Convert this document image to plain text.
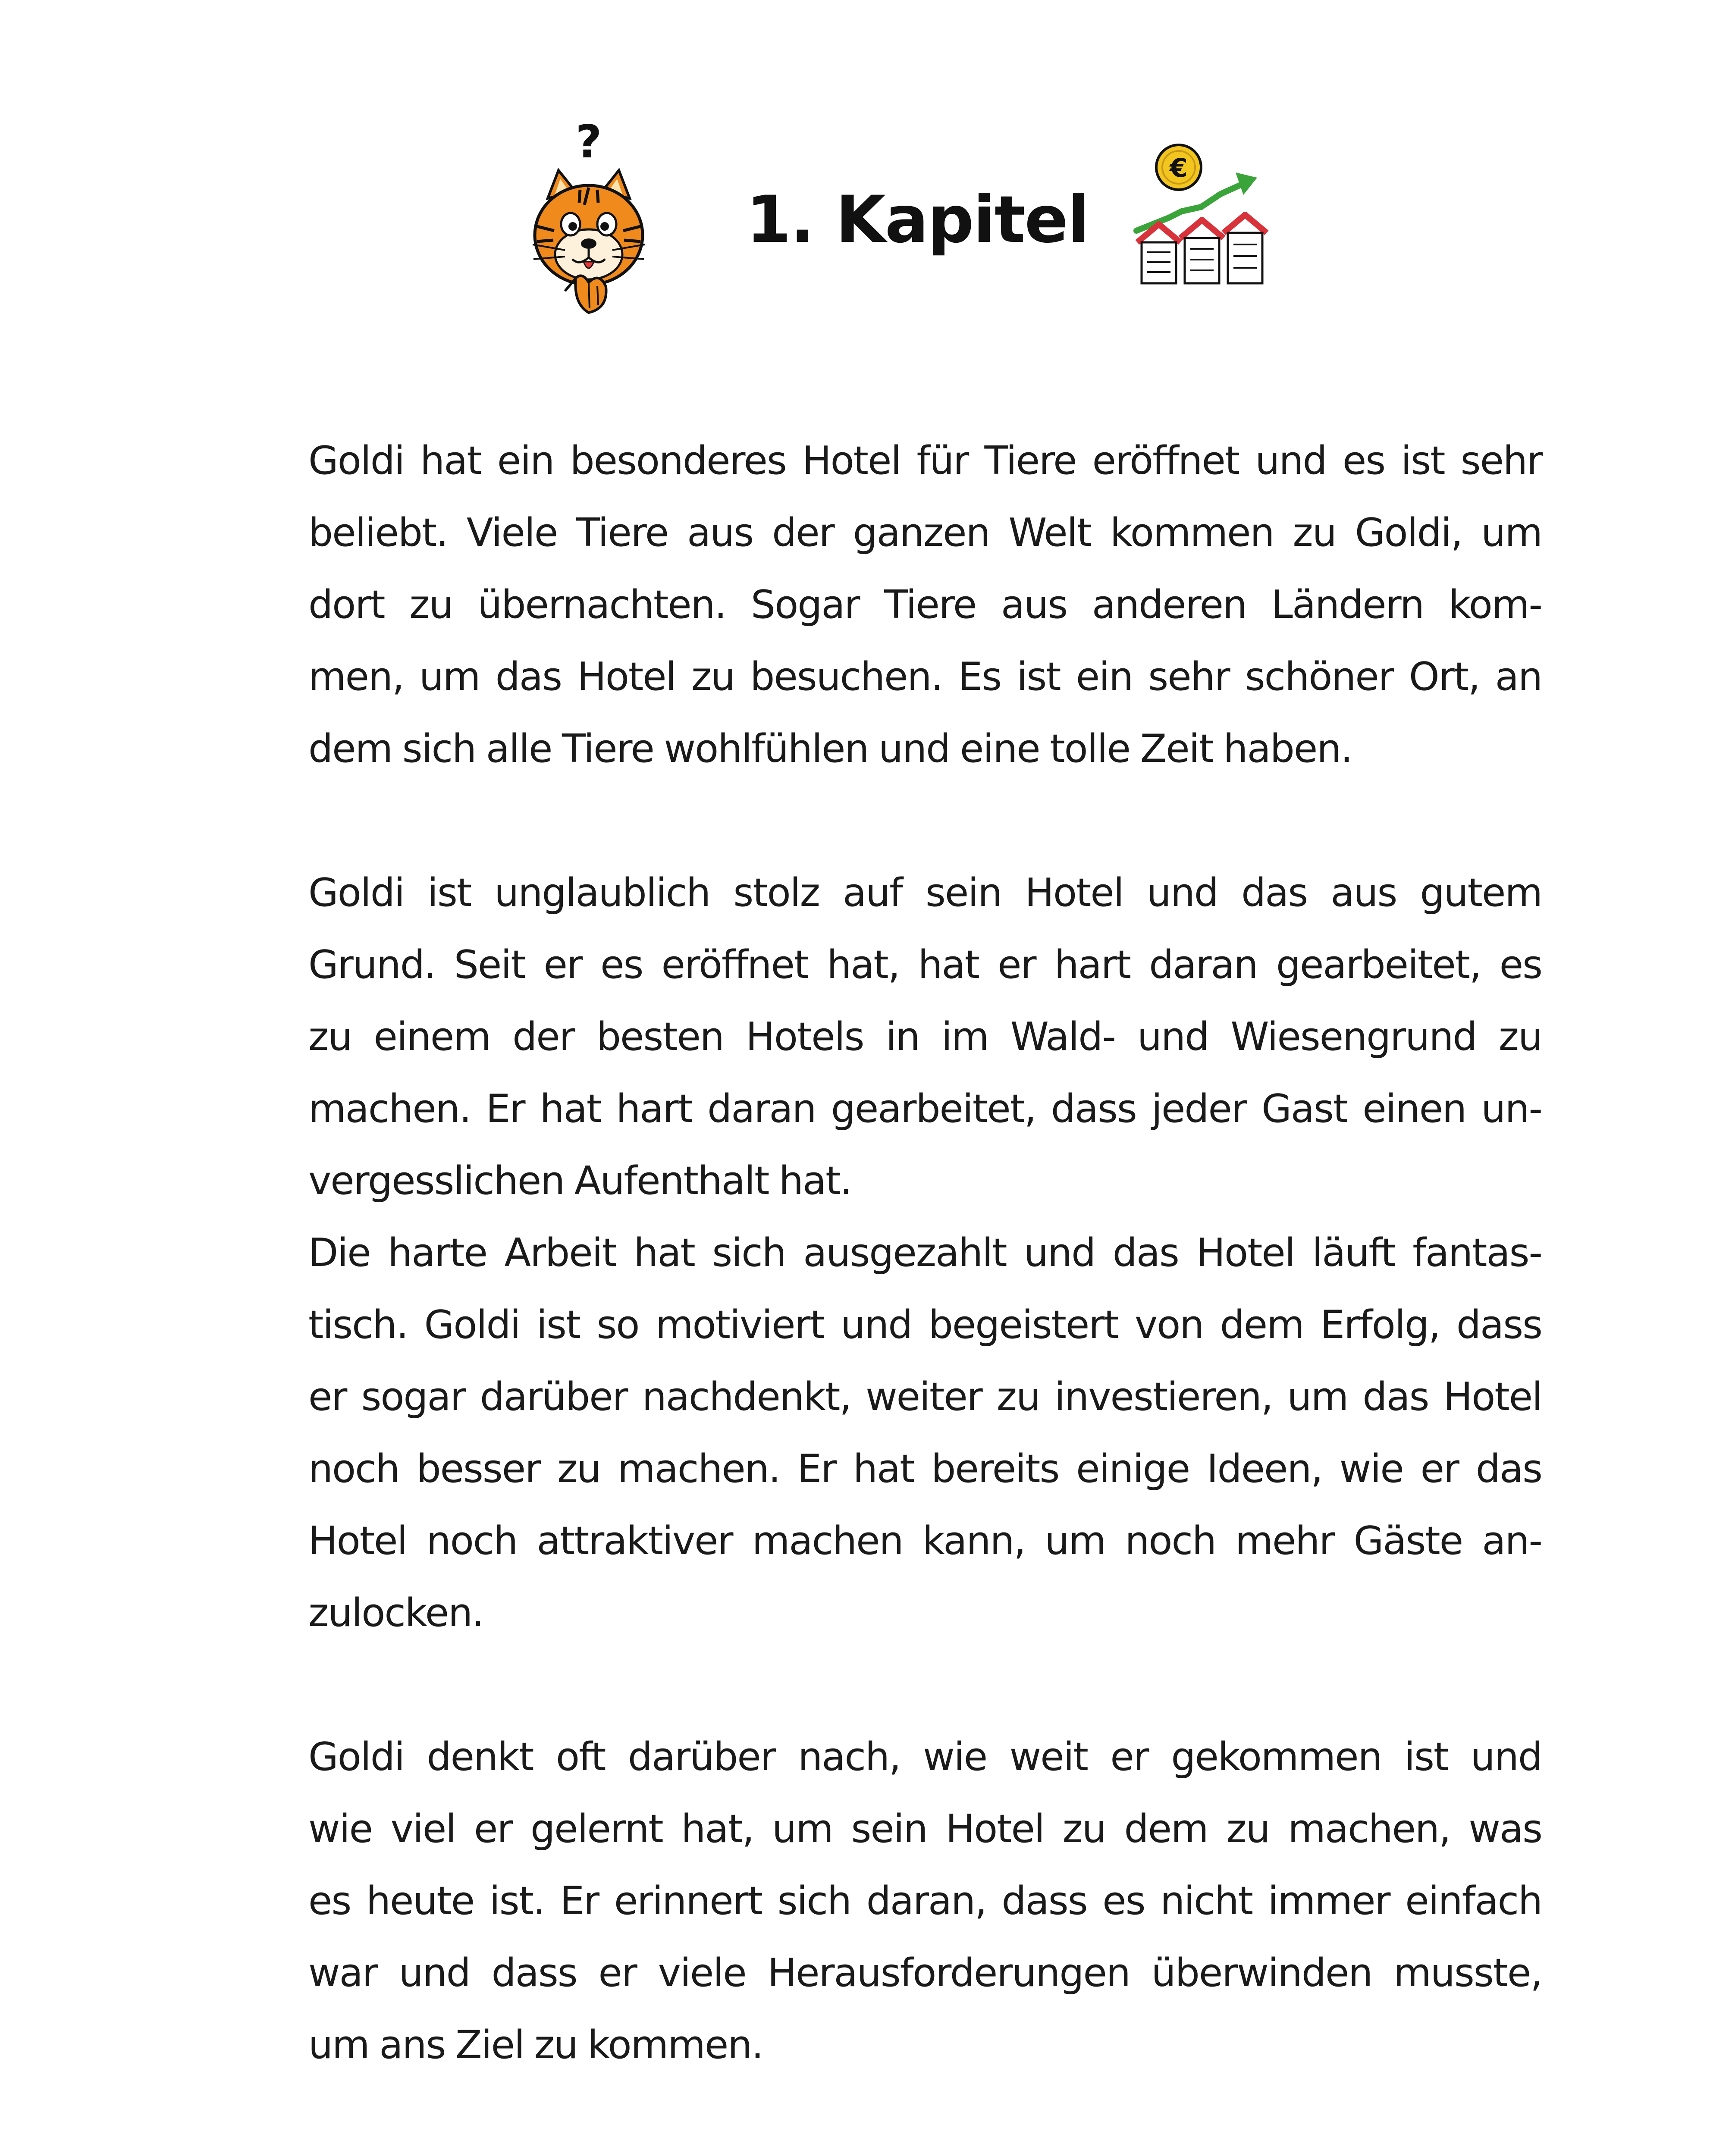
?
1. Kapitel
€
Goldi hat ein besonderes Hotel für Tiere eröffnet und es ist sehr
beliebt. Viele Tiere aus der ganzen Welt kommen zu Goldi, um
dort zu übernachten. Sogar Tiere aus anderen Ländern kom-
men, um das Hotel zu besuchen. Es ist ein sehr schöner Ort, an
dem sich alle Tiere wohlfühlen und eine tolle Zeit haben.
Goldi ist unglaublich stolz auf sein Hotel und das aus gutem
Grund. Seit er es eröffnet hat, hat er hart daran gearbeitet, es
zu einem der besten Hotels in im Wald- und Wiesengrund zu
machen. Er hat hart daran gearbeitet, dass jeder Gast einen un-
vergesslichen Aufenthalt hat.
Die harte Arbeit hat sich ausgezahlt und das Hotel läuft fantas-
tisch. Goldi ist so motiviert und begeistert von dem Erfolg, dass
er sogar darüber nachdenkt, weiter zu investieren, um das Hotel
noch besser zu machen. Er hat bereits einige Ideen, wie er das
Hotel noch attraktiver machen kann, um noch mehr Gäste an-
zulocken.
Goldi denkt oft darüber nach, wie weit er gekommen ist und
wie viel er gelernt hat, um sein Hotel zu dem zu machen, was
es heute ist. Er erinnert sich daran, dass es nicht immer einfach
war und dass er viele Herausforderungen überwinden musste,
um ans Ziel zu kommen.
